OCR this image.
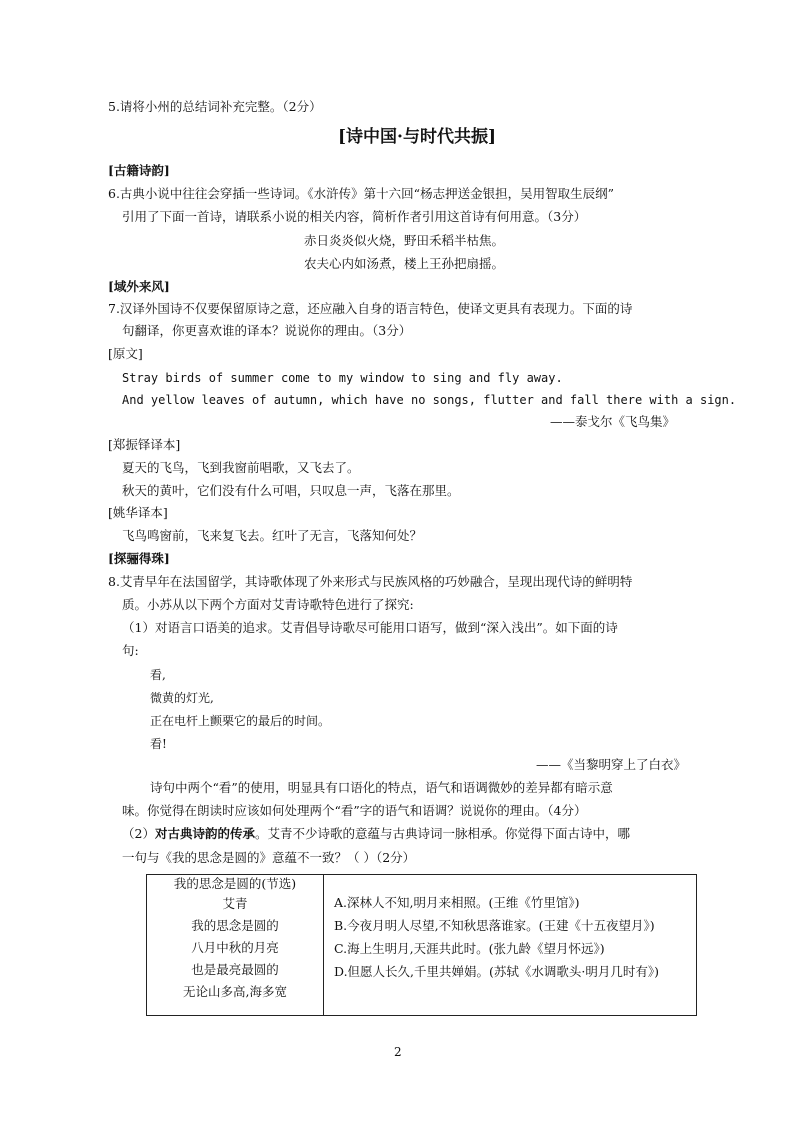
5.请将小州的总结词补充完整。（2分）
[诗中国·与时代共振]
[古籍诗韵]
6.古典小说中往往会穿插一些诗词。《水浒传》第十六回“杨志押送金银担，吴用智取生辰纲”
引用了下面一首诗，请联系小说的相关内容，简析作者引用这首诗有何用意。（3分）
赤日炎炎似火烧，野田禾稻半枯焦。
农夫心内如汤煮，楼上王孙把扇摇。
[域外来风]
7.汉译外国诗不仅要保留原诗之意，还应融入自身的语言特色，使译文更具有表现力。下面的诗
句翻译，你更喜欢谁的译本？说说你的理由。（3分）
[原文]
Stray birds of summer come to my window to sing and fly away.
And yellow leaves of autumn, which have no songs, flutter and fall there with a sign.
——泰戈尔《飞鸟集》
[郑振铎译本]
夏天的飞鸟，飞到我窗前唱歌，又飞去了。
秋天的黄叶，它们没有什么可唱，只叹息一声，飞落在那里。
[姚华译本]
飞鸟鸣窗前，飞来复飞去。红叶了无言，飞落知何处？
[探骊得珠]
8.艾青早年在法国留学，其诗歌体现了外来形式与民族风格的巧妙融合，呈现出现代诗的鲜明特
质。小苏从以下两个方面对艾青诗歌特色进行了探究:
（1）对语言口语美的追求。艾青倡导诗歌尽可能用口语写，做到“深入浅出”。如下面的诗
句:
看,
微黄的灯光,
正在电杆上颤栗它的最后的时间。
看!
——《当黎明穿上了白衣》
诗句中两个“看”的使用，明显具有口语化的特点，语气和语调微妙的差异都有暗示意
味。你觉得在朗读时应该如何处理两个“看”字的语气和语调？说说你的理由。（4分）
（2）对古典诗韵的传承。艾青不少诗歌的意蕴与古典诗词一脉相承。你觉得下面古诗中，哪
一句与《我的思念是圆的》意蕴不一致？（ ）（2分）
我的思念是圆的(节选)
艾青
我的思念是圆的
八月中秋的月亮
也是最亮最圆的
无论山多高,海多宽

A.深林人不知,明月来相照。(王维《竹里馆》)
B.今夜月明人尽望,不知秋思落谁家。(王建《十五夜望月》)
C.海上生明月,天涯共此时。(张九龄《望月怀远》)
D.但愿人长久,千里共婵娟。(苏轼《水调歌头·明月几时有》)
2
